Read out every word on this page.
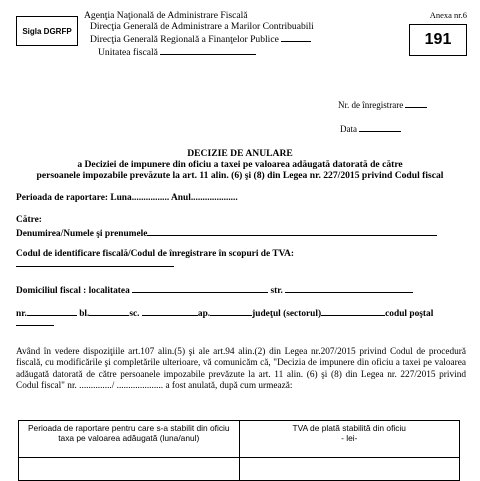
Sigla DGRFP
Agenţia Naţională de Administrare Fiscală
Direcţia Generală de Administrare a Marilor Contribuabili
Direcţia Generală Regională a Finanţelor Publice
Unitatea fiscală
Anexa nr.6
191
Nr. de înregistrare
Data
DECIZIE DE ANULARE
a Deciziei de impunere din oficiu a taxei pe valoarea adăugată datorată de către
persoanele impozabile prevăzute la art. 11 alin. (6) şi (8) din Legea nr. 227/2015 privind Codul fiscal
Perioada de raportare: Luna................ Anul....................
Către:
Denumirea/Numele şi prenumele
Codul de identificare fiscală/Codul de înregistrare în scopuri de TVA:
Domiciliul fiscal : localitatea	str.
nr.	bl.	sc.	ap.	judeţul (sectorul)	codul poştal
Având în vedere dispoziţiile art.107 alin.(5) şi ale art.94 alin.(2) din Legea nr.207/2015 privind Codul de procedură fiscală, cu modificările şi completările ulterioare, vă comunicăm că, "Decizia de impunere din oficiu a taxei pe valoarea adăugată datorată de către persoanele impozabile prevăzute la art. 11 alin. (6) şi (8) din Legea nr. 227/2015 privind Codul fiscal" nr. ............../ .................... a fost anulată, după cum urmează:
Perioada de raportare pentru care s-a stabilit din oficiu taxa pe valoarea adăugată (luna/anul)	TVA de plată stabilită din oficiu
- lei-
